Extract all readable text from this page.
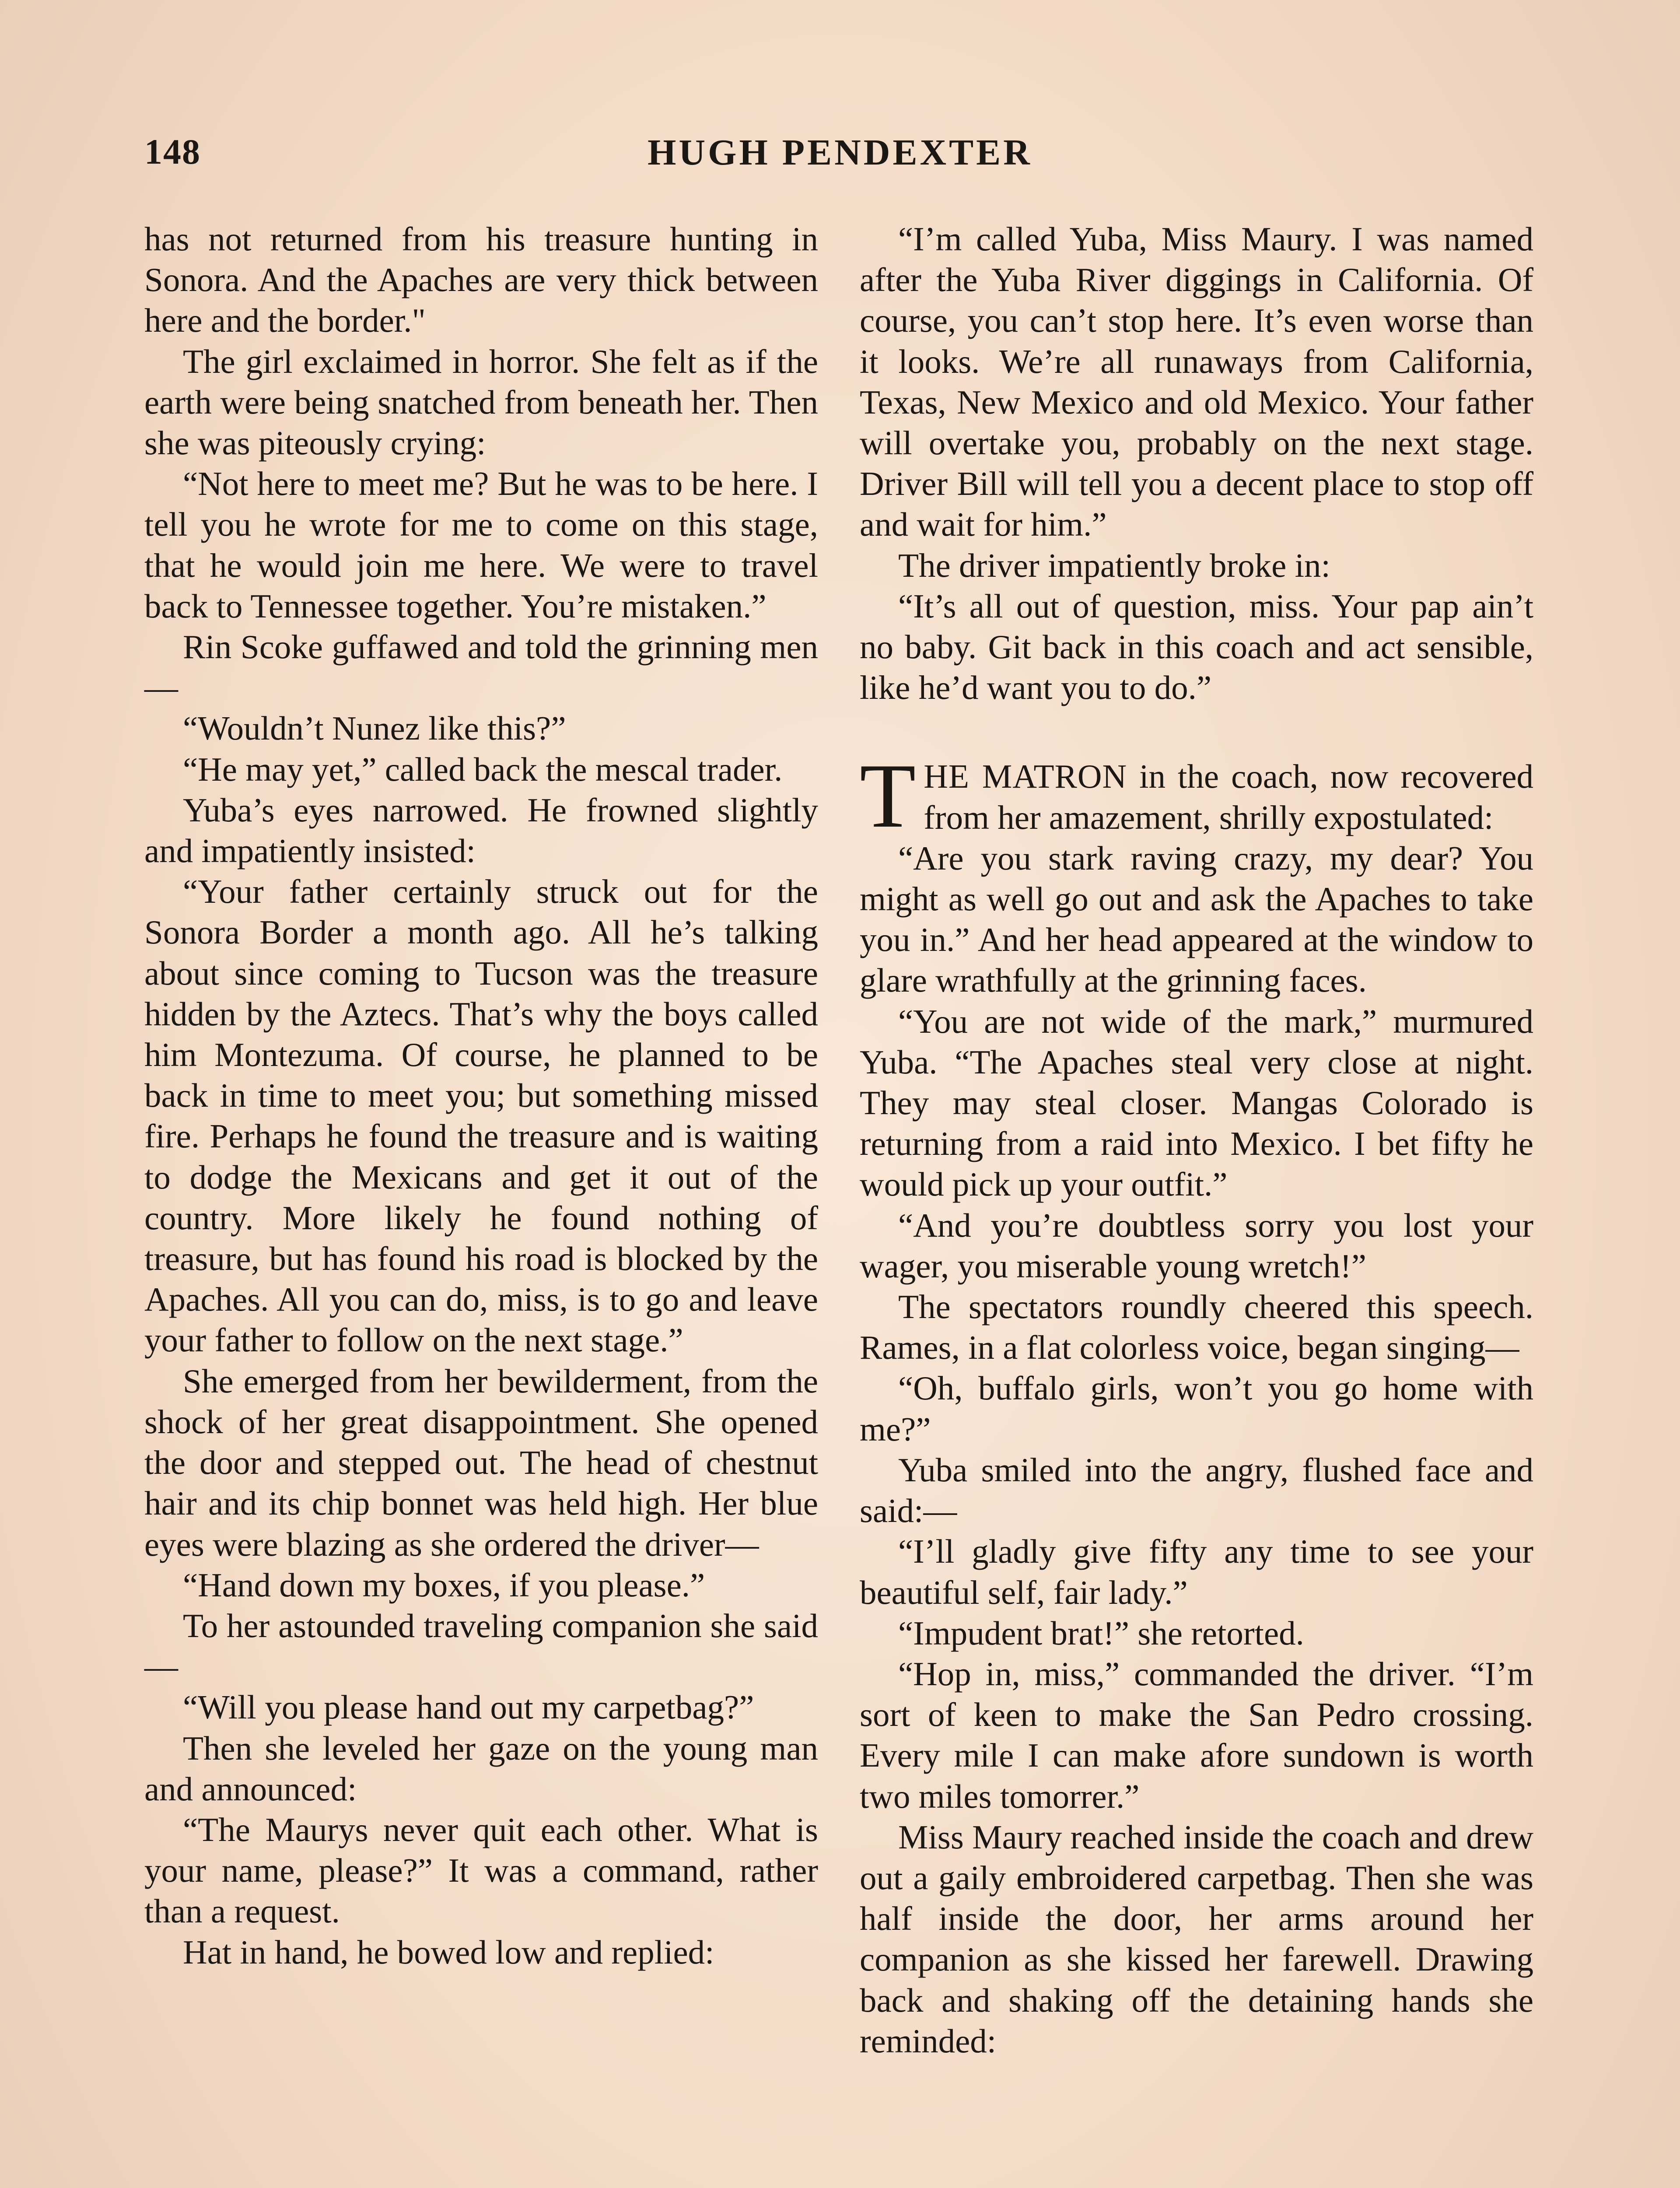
148	HUGH PENDEXTER

has not returned from his treasure hunting in Sonora. And the Apaches are very thick between here and the border."

The girl exclaimed in horror. She felt as if the earth were being snatched from beneath her. Then she was piteously crying:

“Not here to meet me? But he was to be here. I tell you he wrote for me to come on this stage, that he would join me here. We were to travel back to Tennessee together. You’re mistaken.”

Rin Scoke guffawed and told the grinning men—

“Wouldn’t Nunez like this?”

“He may yet,” called back the mescal trader.

Yuba’s eyes narrowed. He frowned slightly and impatiently insisted:

“Your father certainly struck out for the Sonora Border a month ago. All he’s talking about since coming to Tucson was the treasure hidden by the Aztecs. That’s why the boys called him Montezuma. Of course, he planned to be back in time to meet you; but something missed fire. Perhaps he found the treasure and is waiting to dodge the Mexicans and get it out of the country. More likely he found nothing of treasure, but has found his road is blocked by the Apaches. All you can do, miss, is to go and leave your father to follow on the next stage.”

She emerged from her bewilderment, from the shock of her great disappointment. She opened the door and stepped out. The head of chestnut hair and its chip bonnet was held high. Her blue eyes were blazing as she ordered the driver—

“Hand down my boxes, if you please.”

To her astounded traveling companion she said—

“Will you please hand out my carpetbag?”

Then she leveled her gaze on the young man and announced:

“The Maurys never quit each other. What is your name, please?” It was a command, rather than a request.

Hat in hand, he bowed low and replied:

“I’m called Yuba, Miss Maury. I was named after the Yuba River diggings in California. Of course, you can’t stop here. It’s even worse than it looks. We’re all runaways from California, Texas, New Mexico and old Mexico. Your father will overtake you, probably on the next stage. Driver Bill will tell you a decent place to stop off and wait for him.”

The driver impatiently broke in:

“It’s all out of question, miss. Your pap ain’t no baby. Git back in this coach and act sensible, like he’d want you to do.”

THE MATRON in the coach, now recovered from her amazement, shrilly expostulated:

“Are you stark raving crazy, my dear? You might as well go out and ask the Apaches to take you in.” And her head appeared at the window to glare wrathfully at the grinning faces.

“You are not wide of the mark,” murmured Yuba. “The Apaches steal very close at night. They may steal closer. Mangas Colorado is returning from a raid into Mexico. I bet fifty he would pick up your outfit.”

“And you’re doubtless sorry you lost your wager, you miserable young wretch!”

The spectators roundly cheered this speech. Rames, in a flat colorless voice, began singing—

“Oh, buffalo girls, won’t you go home with me?”

Yuba smiled into the angry, flushed face and said:—

“I’ll gladly give fifty any time to see your beautiful self, fair lady.”

“Impudent brat!” she retorted.

“Hop in, miss,” commanded the driver. “I’m sort of keen to make the San Pedro crossing. Every mile I can make afore sundown is worth two miles tomorrer.”

Miss Maury reached inside the coach and drew out a gaily embroidered carpetbag. Then she was half inside the door, her arms around her companion as she kissed her farewell. Drawing back and shaking off the detaining hands she reminded:
